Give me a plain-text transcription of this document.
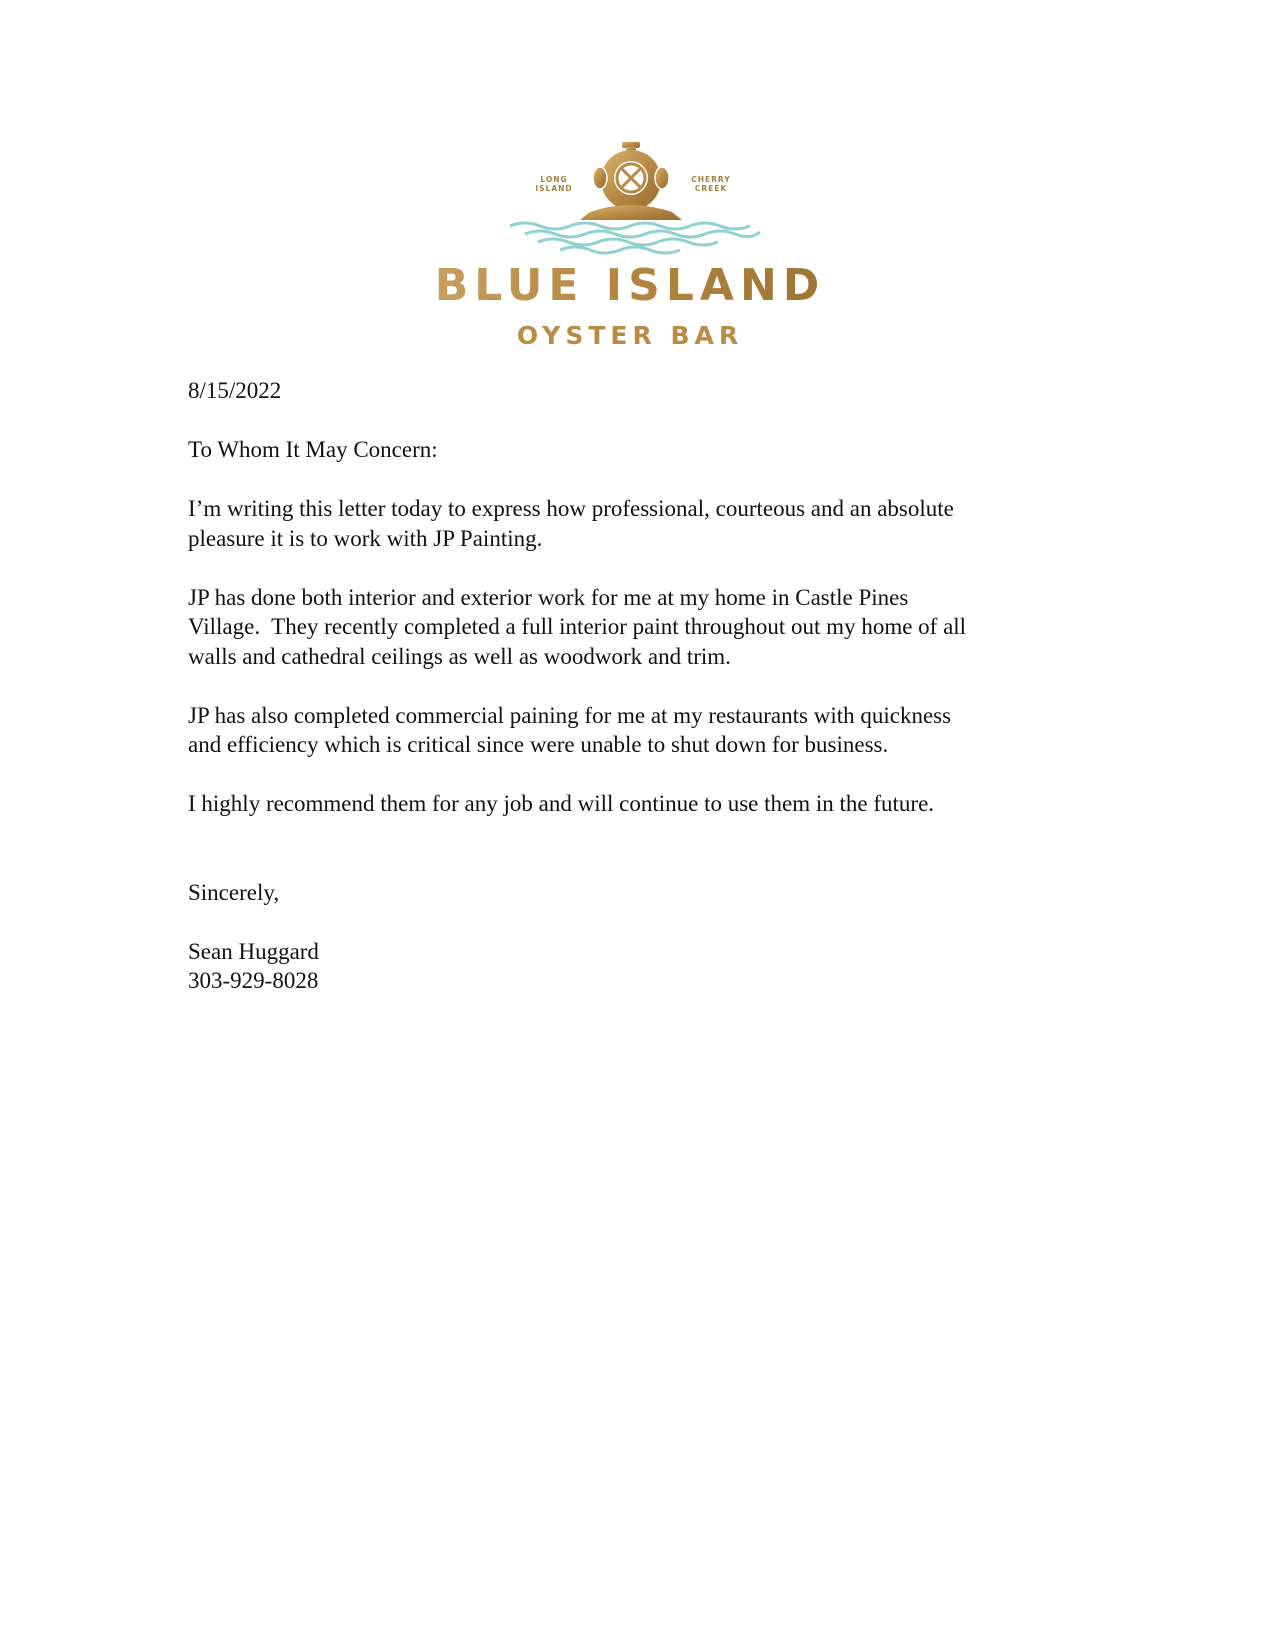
LONG
ISLAND
CHERRY
CREEK
BLUE ISLAND
OYSTER BAR

8/15/2022

To Whom It May Concern:

I’m writing this letter today to express how professional, courteous and an absolute

pleasure it is to work with JP Painting.

JP has done both interior and exterior work for me at my home in Castle Pines

Village.  They recently completed a full interior paint throughout out my home of all

walls and cathedral ceilings as well as woodwork and trim.

JP has also completed commercial paining for me at my restaurants with quickness

and efficiency which is critical since were unable to shut down for business.

I highly recommend them for any job and will continue to use them in the future.

Sincerely,

Sean Huggard

303-929-8028
